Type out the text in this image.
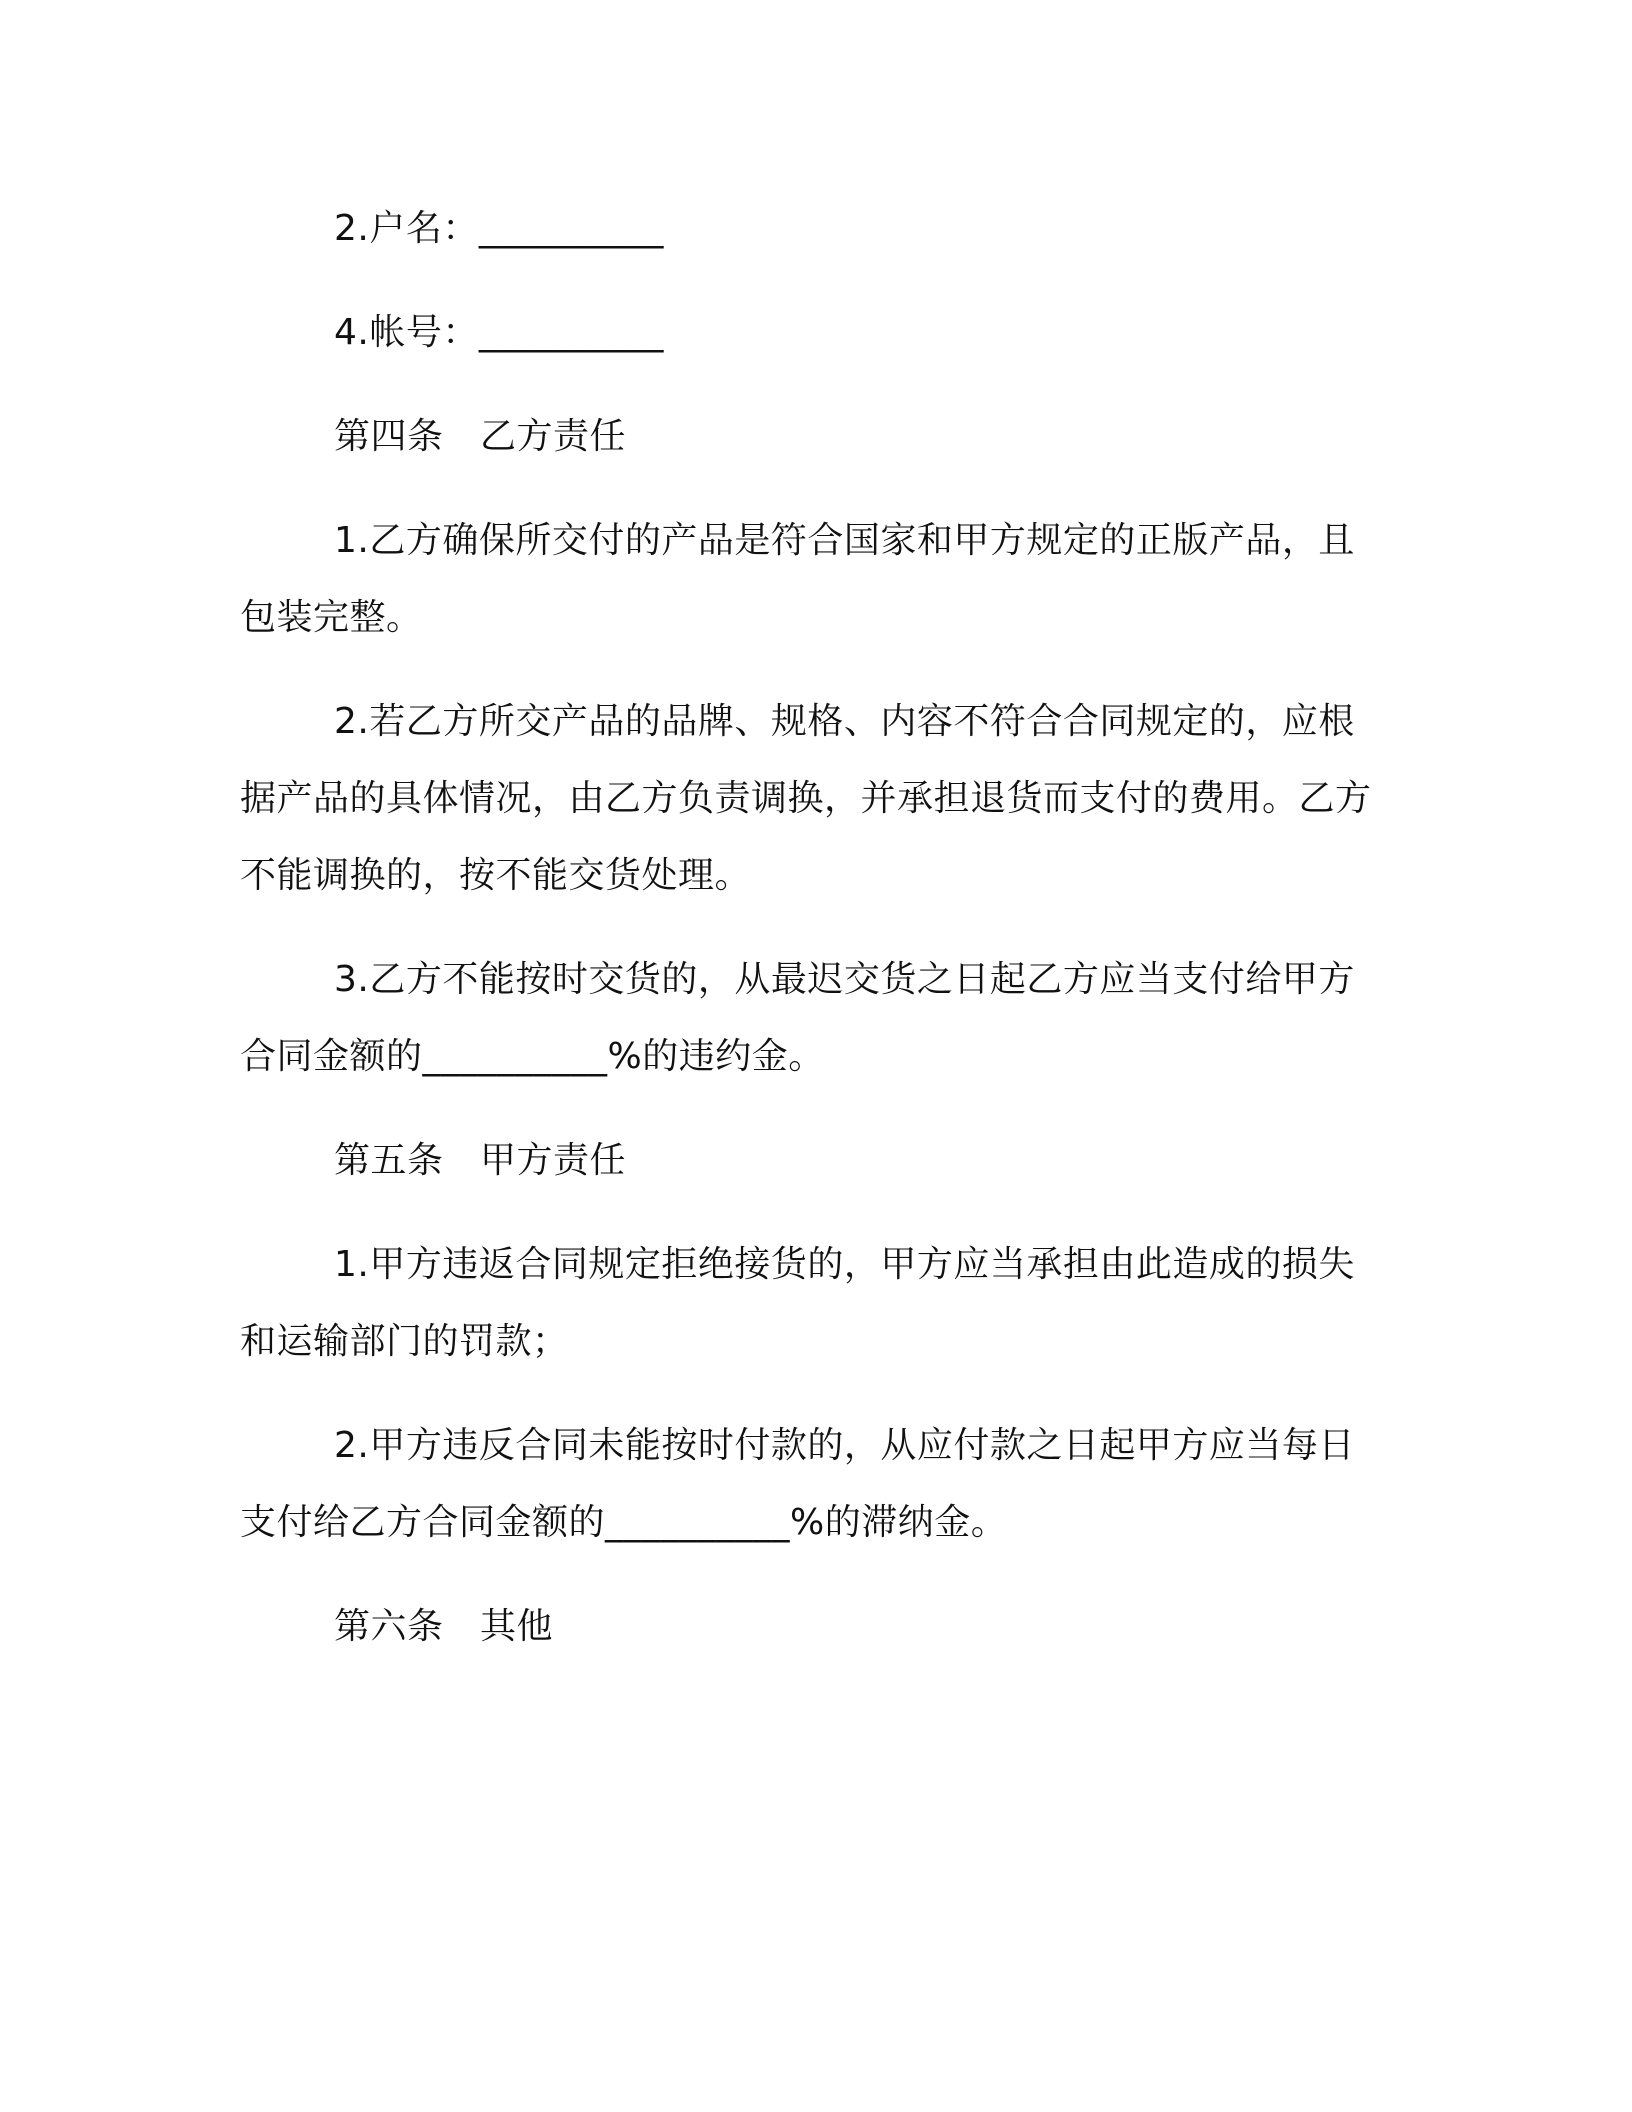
2.户名：__________

4.帐号：__________

第四条　乙方责任

1.乙方确保所交付的产品是符合国家和甲方规定的正版产品，且包装完整。

2.若乙方所交产品的品牌、规格、内容不符合合同规定的，应根据产品的具体情况，由乙方负责调换，并承担退货而支付的费用。乙方不能调换的，按不能交货处理。

3.乙方不能按时交货的，从最迟交货之日起乙方应当支付给甲方合同金额的__________%的违约金。

第五条　甲方责任

1.甲方违返合同规定拒绝接货的，甲方应当承担由此造成的损失和运输部门的罚款；

2.甲方违反合同未能按时付款的，从应付款之日起甲方应当每日支付给乙方合同金额的__________%的滞纳金。

第六条　其他
